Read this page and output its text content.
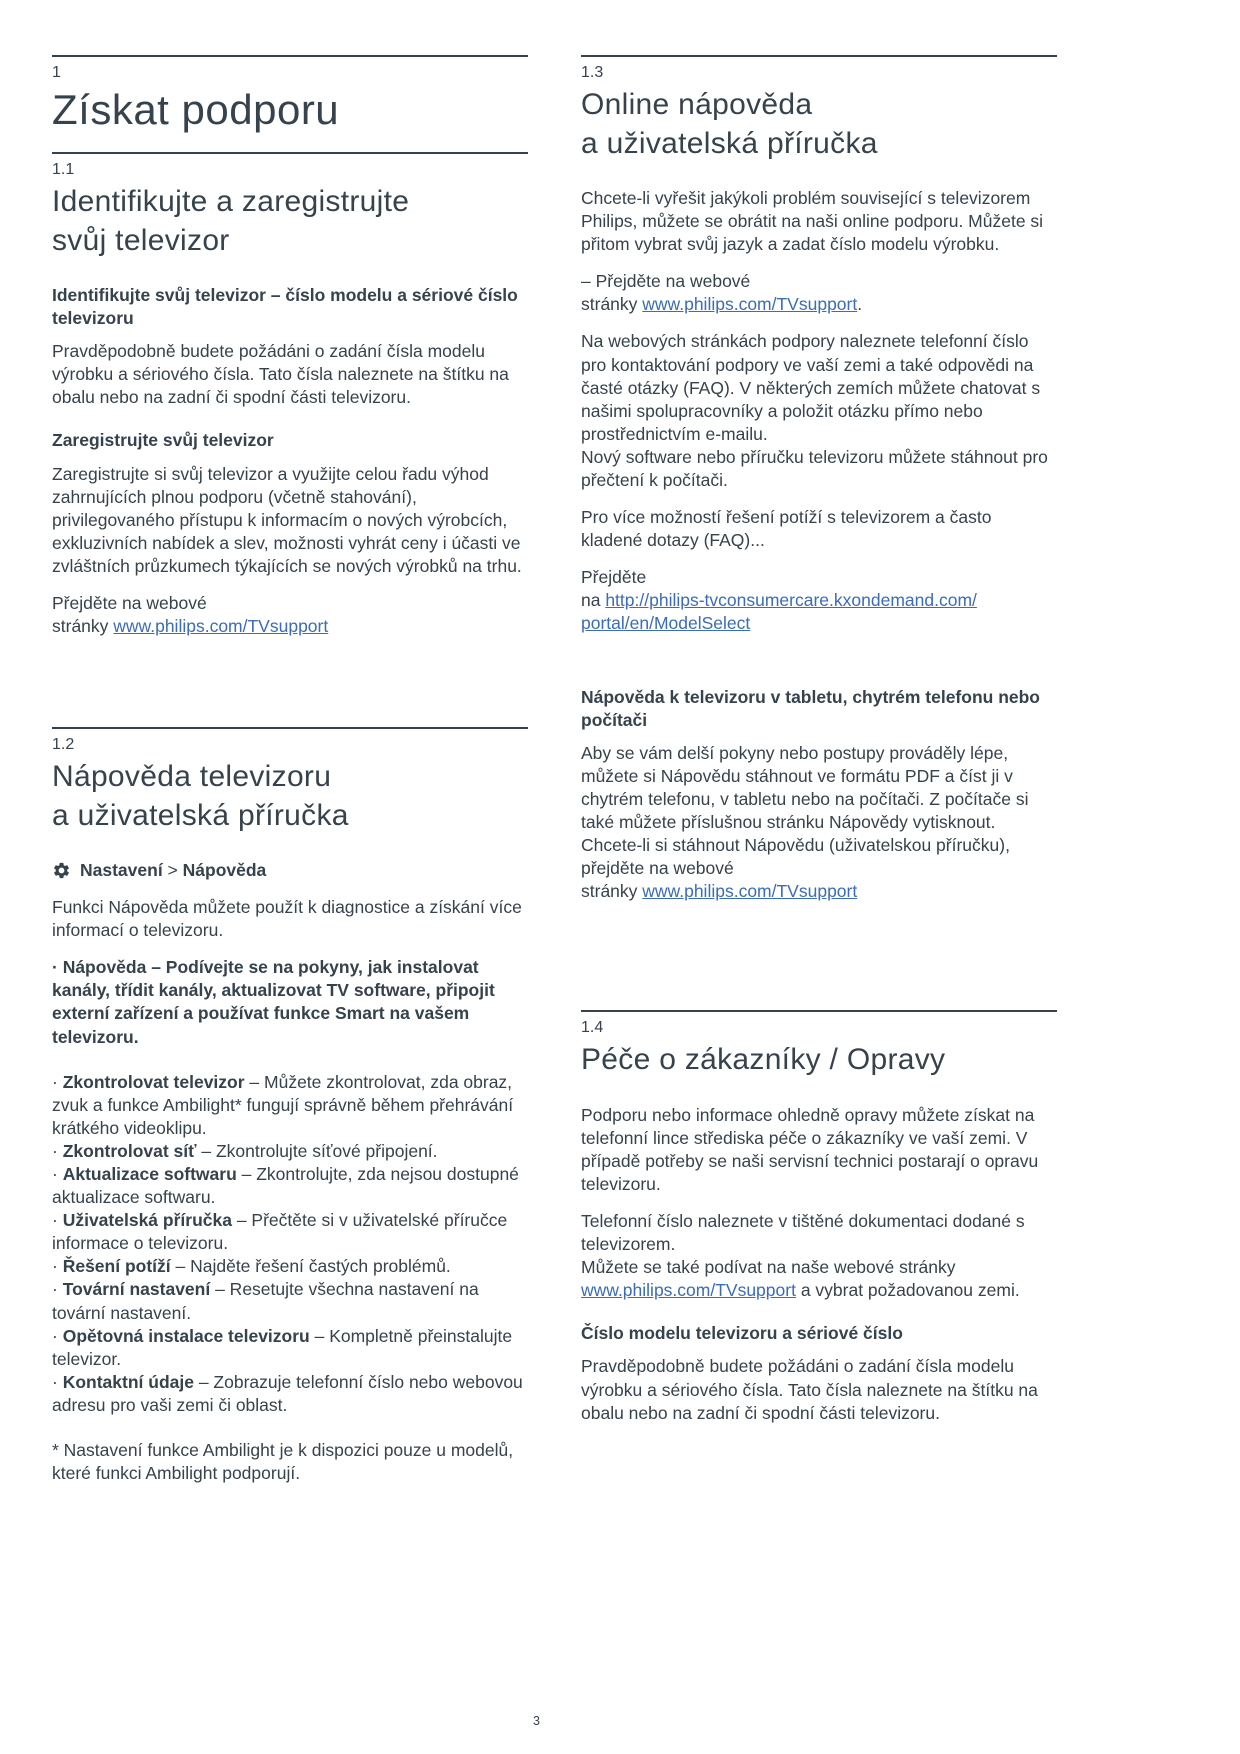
1
Získat podporu
1.1
Identifikujte a zaregistrujte
svůj televizor

Identifikujte svůj televizor – číslo modelu a sériové číslo televizoru

Pravděpodobně budete požádáni o zadání čísla modelu výrobku a sériového čísla. Tato čísla naleznete na štítku na obalu nebo na zadní či spodní části televizoru.

Zaregistrujte svůj televizor

Zaregistrujte si svůj televizor a využijte celou řadu výhod zahrnujících plnou podporu (včetně stahování), privilegovaného přístupu k informacím o nových výrobcích, exkluzivních nabídek a slev, možnosti vyhrát ceny i účasti ve zvláštních průzkumech týkajících se nových výrobků na trhu.

Přejděte na webové
stránky www.philips.com/TVsupport

1.2
Nápověda televizoru
a uživatelská příručka

Nastavení > Nápověda

Funkci Nápověda můžete použít k diagnostice a získání více informací o televizoru.

· Nápověda – Podívejte se na pokyny, jak instalovat kanály, třídit kanály, aktualizovat TV software, připojit externí zařízení a používat funkce Smart na vašem televizoru.

· Zkontrolovat televizor – Můžete zkontrolovat, zda obraz, zvuk a funkce Ambilight* fungují správně během přehrávání krátkého videoklipu.

· Zkontrolovat síť – Zkontrolujte síťové připojení.

· Aktualizace softwaru – Zkontrolujte, zda nejsou dostupné aktualizace softwaru.

· Uživatelská příručka – Přečtěte si v uživatelské příručce informace o televizoru.

· Řešení potíží – Najděte řešení častých problémů.

· Tovární nastavení – Resetujte všechna nastavení na tovární nastavení.

· Opětovná instalace televizoru – Kompletně přeinstalujte televizor.

· Kontaktní údaje – Zobrazuje telefonní číslo nebo webovou adresu pro vaši zemi či oblast.

* Nastavení funkce Ambilight je k dispozici pouze u modelů, které funkci Ambilight podporují.

1.3
Online nápověda
a uživatelská příručka

Chcete-li vyřešit jakýkoli problém související s televizorem Philips, můžete se obrátit na naši online podporu. Můžete si přitom vybrat svůj jazyk a zadat číslo modelu výrobku.

– Přejděte na webové
stránky www.philips.com/TVsupport.

Na webových stránkách podpory naleznete telefonní číslo pro kontaktování podpory ve vaší zemi a také odpovědi na časté otázky (FAQ). V některých zemích můžete chatovat s našimi spolupracovníky a položit otázku přímo nebo prostřednictvím e-mailu.
Nový software nebo příručku televizoru můžete stáhnout pro přečtení k počítači.

Pro více možností řešení potíží s televizorem a často kladené dotazy (FAQ)...

Přejděte
na http://philips-tvconsumercare.kxondemand.com/
portal/en/ModelSelect

Nápověda k televizoru v tabletu, chytrém telefonu nebo počítači

Aby se vám delší pokyny nebo postupy prováděly lépe, můžete si Nápovědu stáhnout ve formátu PDF a číst ji v chytrém telefonu, v tabletu nebo na počítači. Z počítače si také můžete příslušnou stránku Nápovědy vytisknout.
Chcete-li si stáhnout Nápovědu (uživatelskou příručku), přejděte na webové
stránky www.philips.com/TVsupport

1.4
Péče o zákazníky / Opravy

Podporu nebo informace ohledně opravy můžete získat na telefonní lince střediska péče o zákazníky ve vaší zemi. V případě potřeby se naši servisní technici postarají o opravu televizoru.

Telefonní číslo naleznete v tištěné dokumentaci dodané s televizorem.
Můžete se také podívat na naše webové stránky
www.philips.com/TVsupport a vybrat požadovanou zemi.

Číslo modelu televizoru a sériové číslo

Pravděpodobně budete požádáni o zadání čísla modelu výrobku a sériového čísla. Tato čísla naleznete na štítku na obalu nebo na zadní či spodní části televizoru.

3
